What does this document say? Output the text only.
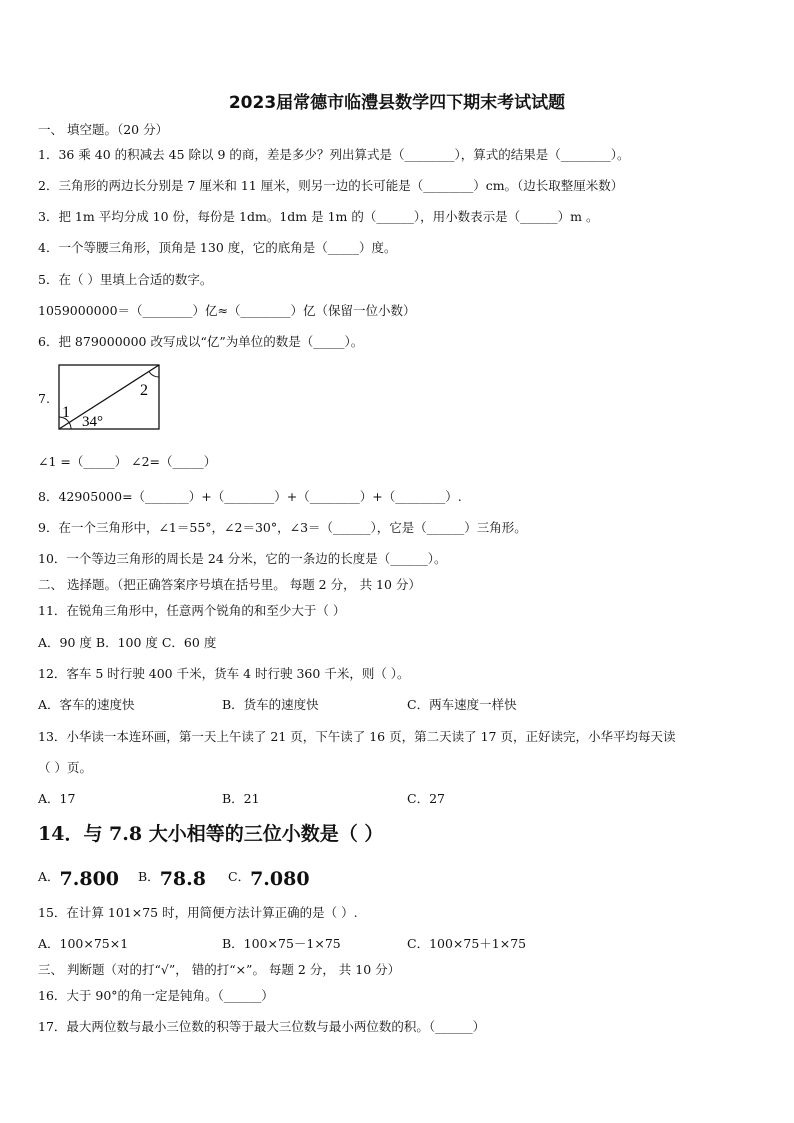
2023届常德市临澧县数学四下期末考试试题
一、 填空题。（20 分）
1．36 乘 40 的积减去 45 除以 9 的商，差是多少？列出算式是（________），算式的结果是（________）。
2．三角形的两边长分别是 7 厘米和 11 厘米，则另一边的长可能是（________）cm。（边长取整厘米数）
3．把 1m 平均分成 10 份，每份是 1dm。1dm 是 1m 的（______），用小数表示是（______）m 。
4．一个等腰三角形，顶角是 130 度，它的底角是（_____）度。
5．在（ ）里填上合适的数字。
1059000000＝（________）亿≈（________）亿（保留一位小数）
6．把 879000000 改写成以“亿”为单位的数是（_____）。
7.
1
2
34°
∠1 =（_____） ∠2=（_____）
8．42905000=（_______）+（________）+（________）+（________）.
9．在一个三角形中，∠1＝55°，∠2＝30°，∠3＝（______），它是（______）三角形。
10．一个等边三角形的周长是 24 分米，它的一条边的长度是（______）。
二、 选择题。（把正确答案序号填在括号里。 每题 2 分， 共 10 分）
11．在锐角三角形中，任意两个锐角的和至少大于（ ）
A．90 度 B．100 度 C．60 度
12．客车 5 时行驶 400 千米，货车 4 时行驶 360 千米，则（ ）。
A．客车的速度快	B．货车的速度快	C．两车速度一样快
13．小华读一本连环画，第一天上午读了 21 页，下午读了 16 页，第二天读了 17 页，正好读完，小华平均每天读
（ ）页。
A．17	B．21	C．27
14．与 7.8 大小相等的三位小数是（ ）
$^{A.}$7.800 $^{B.}$78.8 $^{C.}$7.080
15．在计算 101×75 时，用简便方法计算正确的是（ ）.
A．100×75×1	B．100×75－1×75	C．100×75＋1×75
三、 判断题（对的打“√”， 错的打“×”。 每题 2 分， 共 10 分）
16．大于 90°的角一定是钝角。（______）
17．最大两位数与最小三位数的积等于最大三位数与最小两位数的积。（______）
